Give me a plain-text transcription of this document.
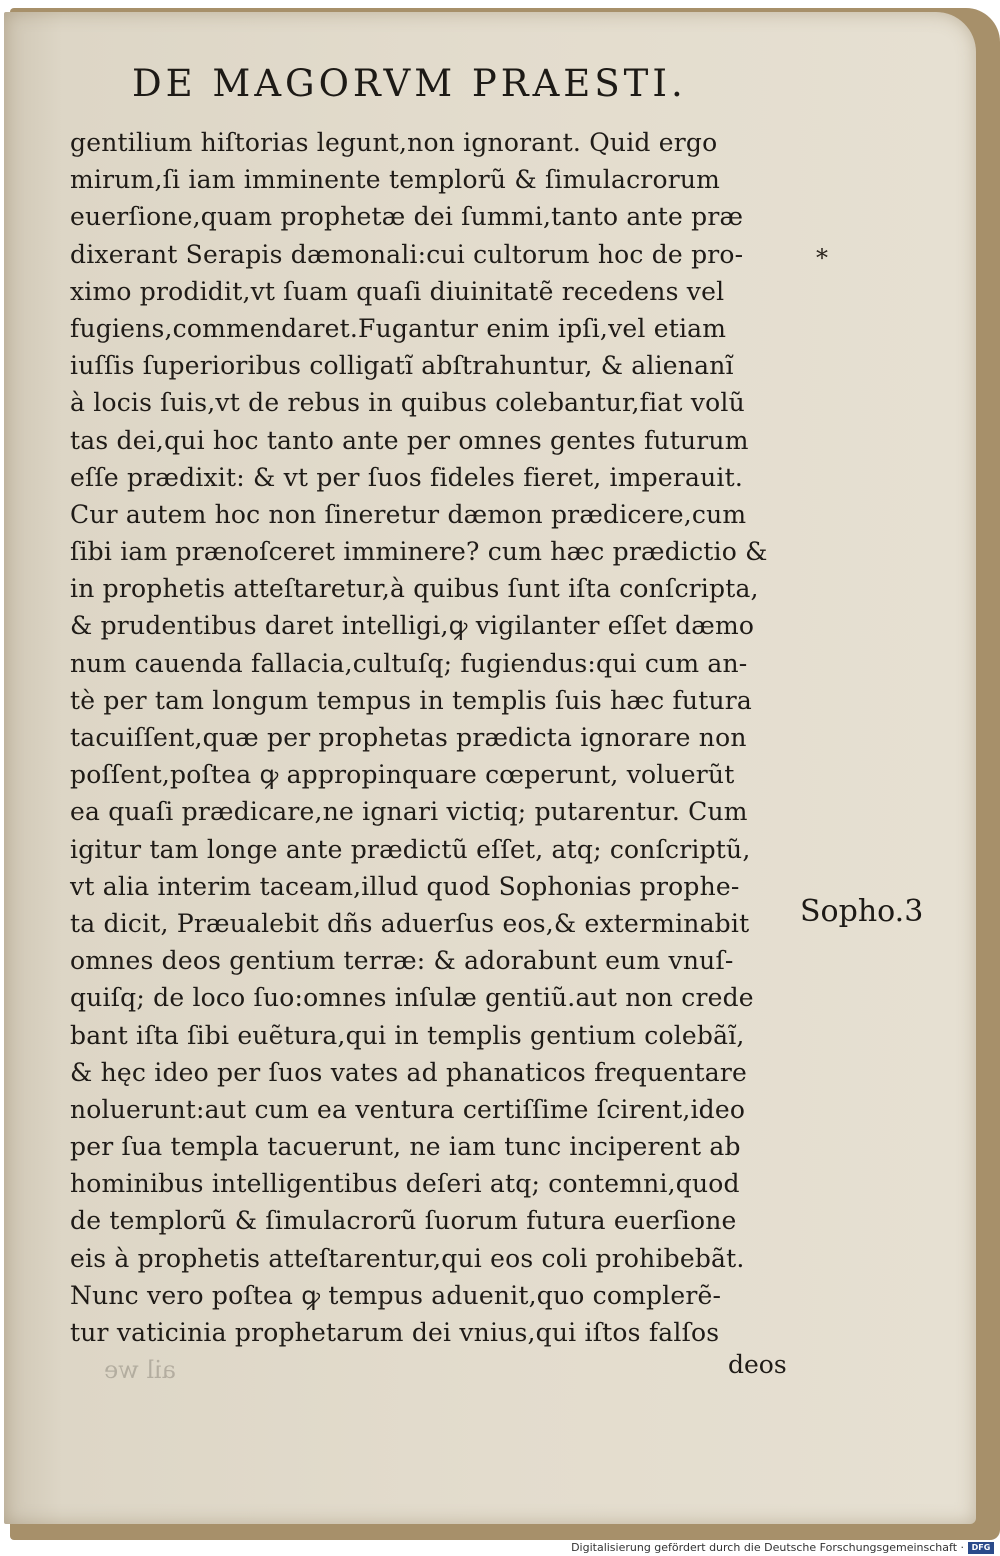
DE MAGORVM PRAESTI.
gentilium hiſtorias legunt,non ignorant. Quid ergo
mirum,ſi iam imminente templorũ & ſimulacrorum
euerſione,quam prophetæ dei ſummi,tanto ante præ
dixerant Serapis dæmonali:cui cultorum hoc de pro-
ximo prodidit,vt ſuam quaſi diuinitatẽ recedens vel
fugiens,commendaret.Fugantur enim ipſi,vel etiam
iuſſis ſuperioribus colligatı̃ abſtrahuntur, & alienanı̃
à locis ſuis,vt de rebus in quibus colebantur,fiat volũ
tas dei,qui hoc tanto ante per omnes gentes futurum
eſſe prædixit: & vt per ſuos fideles fieret, imperauit.
Cur autem hoc non ſineretur dæmon prædicere,cum
ſibi iam prænoſceret imminere? cum hæc prædictio &
in prophetis atteſtaretur,à quibus ſunt iſta conſcripta,
& prudentibus daret intelligi,ꝙ vigilanter eſſet dæmo
num cauenda fallacia,cultuſq; fugiendus:qui cum an-
tè per tam longum tempus in templis ſuis hæc futura
tacuiſſent,quæ per prophetas prædicta ignorare non
poſſent,poſtea ꝙ appropinquare cœperunt, voluerũt
ea quaſi prædicare,ne ignari victiq; putarentur. Cum
igitur tam longe ante prædictũ eſſet, atq; conſcriptũ,
vt alia interim taceam,illud quod Sophonias prophe-
ta dicit, Præualebit dñs aduerſus eos,& exterminabit
omnes deos gentium terræ: & adorabunt eum vnuſ-
quiſq; de loco ſuo:omnes inſulæ gentiũ.aut non crede
bant iſta ſibi euẽtura,qui in templis gentium colebãı̃,
& hęc ideo per ſuos vates ad phanaticos frequentare
noluerunt:aut cum ea ventura certiſſime ſcirent,ideo
per ſua templa tacuerunt, ne iam tunc inciperent ab
hominibus intelligentibus deſeri atq; contemni,quod
de templorũ & ſimulacrorũ ſuorum futura euerſione
eis à prophetis atteſtarentur,qui eos coli prohibebãt.
Nunc vero poſtea ꝙ tempus aduenit,quo complerẽ-
tur vaticinia prophetarum dei vnius,qui iſtos falſos
*
Sopho.3
ail we	deos
Digitalisierung gefördert durch die Deutsche Forschungsgemeinschaft · DFG
